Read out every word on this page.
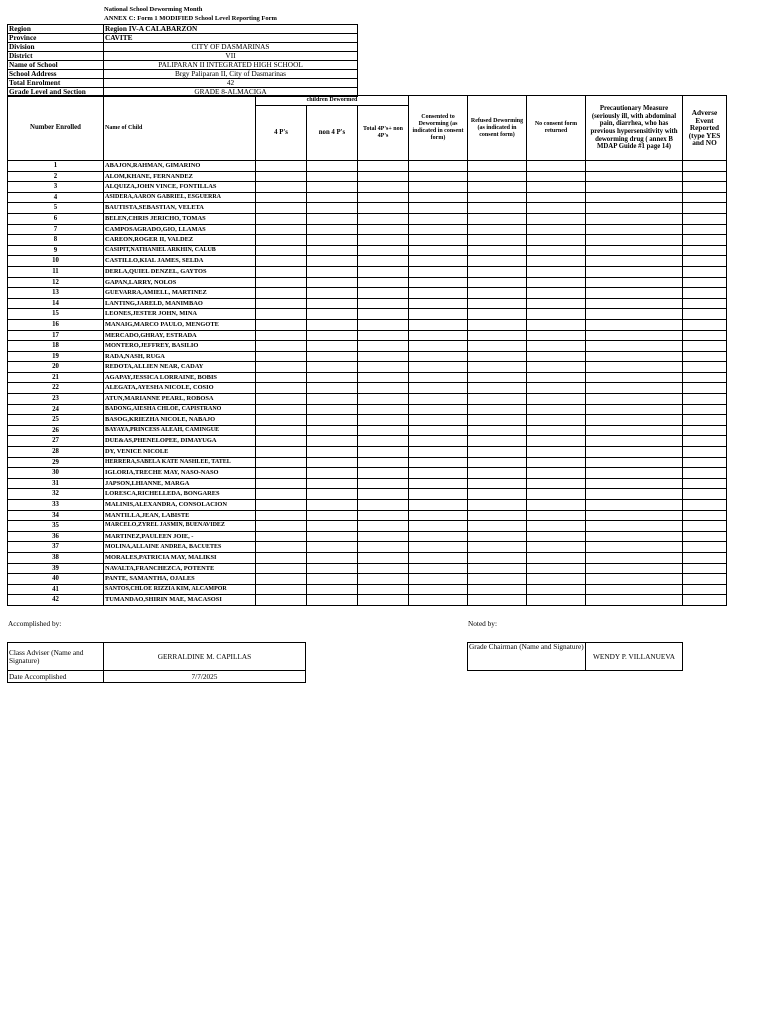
National School Deworming Month
ANNEX C: Form 1 MODIFIED School Level Reporting Form
Region	Region IV-A CALABARZON
Province	CAVITE
Division	CITY OF DASMARINAS
District	VII
Name of School	PALIPARAN II INTEGRATED HIGH SCHOOL
School Address	Brgy Paliparan II, City of Dasmarinas
Total Enrolment	42
Grade Level and Section	GRADE 8-ALMACIGA
Number Enrolled	Name of Child	children Dewormed			Consented to Deworming (as indicated in consent form)	Refused Deworming (as indicated in consent form)	No consent form returned	Precautionary Measure (seriously ill, with abdominal pain, diarrhea, who has previous hypersensitivity with deworming drug ( annex B MDAP Guide #1 page 14)	Adverse Event Reported (type YES and NO
		4 P's	non 4 P's	Total 4P's+ non 4P's					
1	ABAJON,RAHMAN, GIMARINO								
2	ALOM,KHANE, FERNANDEZ								
3	ALQUIZA,JOHN VINCE, FONTILLAS								
4	ASIDERA,AARON GABRIEL, ESGUERRA								
5	BAUTISTA,SEBASTIAN, VELETA								
6	BELEN,CHRIS JERICHO, TOMAS								
7	CAMPOSAGRADO,GIO, LLAMAS								
8	CAREON,ROGER II, VALDEZ								
9	CASIPIT,NATHANIEL ARKHIN, CALUB								
10	CASTILLO,KIAL JAMES, SELDA								
11	DERLA,QUIEL DENZEL, GAYTOS								
12	GAPAN,LARRY, NOLOS								
13	GUEVARRA,AMIELL, MARTINEZ								
14	LANTING,JARELD, MANIMBAO								
15	LEONES,JESTER JOHN, MINA								
16	MANAIG,MARCO PAULO, MENGOTE								
17	MERCADO,GHRAY, ESTRADA								
18	MONTERO,JEFFREY, BASILIO								
19	RADA,NASH, RUGA								
20	REDOTA,ALLIEN NEAR, CADAY								
21	AGAPAY,JESSICA LORRAINE, BOBIS								
22	ALEGATA,AYESHA NICOLE, COSIO								
23	ATUN,MARIANNE PEARL, ROBOSA								
24	BADONG,AIESHA CHLOE, CAPISTRANO								
25	BASOG,KRIEZHA NICOLE, NABAJO								
26	BAYAYA,PRINCESS ALEAH, CAMINGUE								
27	DUE&AS,PHENELOPEE, DIMAYUGA								
28	DY, VENICE NICOLE								
29	HERRERA,SABELA KATE NASHLEE, TATEL								
30	IGLORIA,TRECHE MAY, NASO-NASO								
31	JAPSON,LHIANNE, MARGA								
32	LORESCA,RICHELLEDA, BONGARES								
33	MALINIS,ALEXANDRA, CONSOLACION								
34	MANTILLA,JEAN, LABISTE								
35	MARCELO,ZYREL JASMIN, BUENAVIDEZ								
36	MARTINEZ,PAULEEN JOIE, -								
37	MOLINA,ALLAINE ANDREA, BACUETES								
38	MORALES,PATRICIA MAY, MALIKSI								
39	NAVALTA,FRANCHEZCA, POTENTE								
40	PANTE, SAMANTHA, OJALES								
41	SANTOS,CHLOE RIZZIA KIM, ALCAMPOR								
42	TUMANDAO,SHIRIN MAE, MACASOSI								
Accomplished by:	Noted by:
Class Adviser (Name and Signature)	GERRALDINE M. CAPILLAS
Date Accomplished	7/7/2025
Grade Chairman (Name and Signature)	WENDY P. VILLANUEVA
